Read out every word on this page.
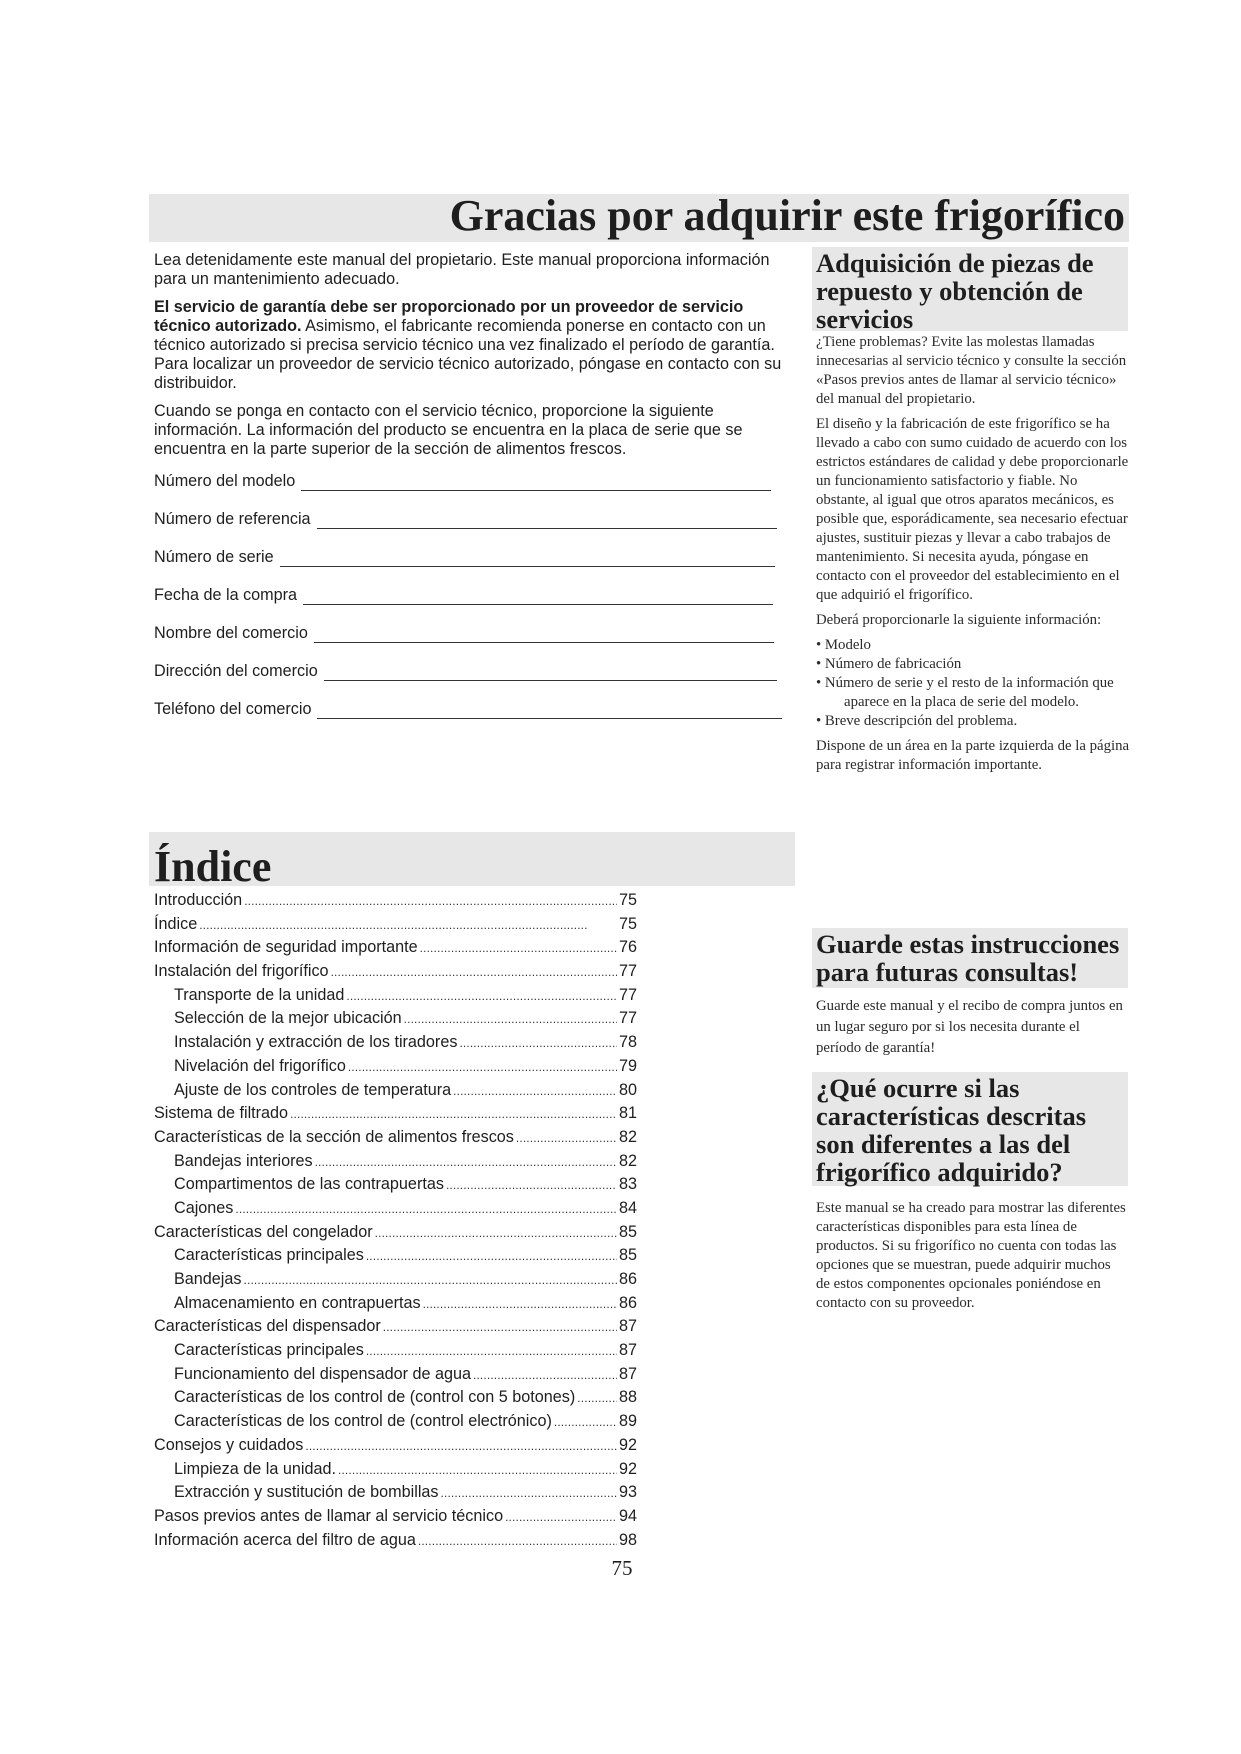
Gracias por adquirir este frigorífico

Lea detenidamente este manual del propietario. Este manual proporciona información para un mantenimiento adecuado.

El servicio de garantía debe ser proporcionado por un proveedor de servicio técnico autorizado. Asimismo, el fabricante recomienda ponerse en contacto con un técnico autorizado si precisa servicio técnico una vez finalizado el período de garantía. Para localizar un proveedor de servicio técnico autorizado, póngase en contacto con su distribuidor.

Cuando se ponga en contacto con el servicio técnico, proporcione la siguiente información. La información del producto se encuentra en la placa de serie que se encuentra en la parte superior de la sección de alimentos frescos.

Número del modelo
Número de referencia
Número de serie
Fecha de la compra
Nombre del comercio
Dirección del comercio
Teléfono del comercio
Índice
Introducción . . .	75
Índice . . .	75
Información de seguridad importante . . .	76
Instalación del frigorífico . . .	77
Transporte de la unidad . . .	77
Selección de la mejor ubicación . . .	77
Instalación y extracción de los tiradores . . .	78
Nivelación del frigorífico . . .	79
Ajuste de los controles de temperatura . . .	80
Sistema de filtrado . . .	81
Características de la sección de alimentos frescos . . .	82
Bandejas interiores . . .	82
Compartimentos de las contrapuertas . . .	83
Cajones . . .	84
Características del congelador . . .	85
Características principales . . .	85
Bandejas . . .	86
Almacenamiento en contrapuertas . . .	86
Características del dispensador . . .	87
Características principales . . .	87
Funcionamiento del dispensador de agua . . .	87
Características de los control de (control con 5 botones) . . .	88
Características de los control de (control electrónico) . . .	89
Consejos y cuidados . . .	92
Limpieza de la unidad. . . .	92
Extracción y sustitución de bombillas . . .	93
Pasos previos antes de llamar al servicio técnico . . .	94
Información acerca del filtro de agua . . .	98
75
Adquisición de piezas de repuesto y obtención de servicios

¿Tiene problemas? Evite las molestas llamadas innecesarias al servicio técnico y consulte la sección «Pasos previos antes de llamar al servicio técnico» del manual del propietario.

El diseño y la fabricación de este frigorífico se ha llevado a cabo con sumo cuidado de acuerdo con los estrictos estándares de calidad y debe proporcionarle un funcionamiento satisfactorio y fiable. No obstante, al igual que otros aparatos mecánicos, es posible que, esporádicamente, sea necesario efectuar ajustes, sustituir piezas y llevar a cabo trabajos de mantenimiento. Si necesita ayuda, póngase en contacto con el proveedor del establecimiento en el que adquirió el frigorífico.

Deberá proporcionarle la siguiente información:

• Modelo
• Número de fabricación
• Número de serie y el resto de la información que aparece en la placa de serie del modelo.
• Breve descripción del problema.

Dispone de un área en la parte izquierda de la página para registrar información importante.

Guarde estas instrucciones para futuras consultas!

Guarde este manual y el recibo de compra juntos en un lugar seguro por si los necesita durante el período de garantía!

¿Qué ocurre si las características descritas son diferentes a las del frigorífico adquirido?

Este manual se ha creado para mostrar las diferentes características disponibles para esta línea de productos. Si su frigorífico no cuenta con todas las opciones que se muestran, puede adquirir muchos de estos componentes opcionales poniéndose en contacto con su proveedor.
